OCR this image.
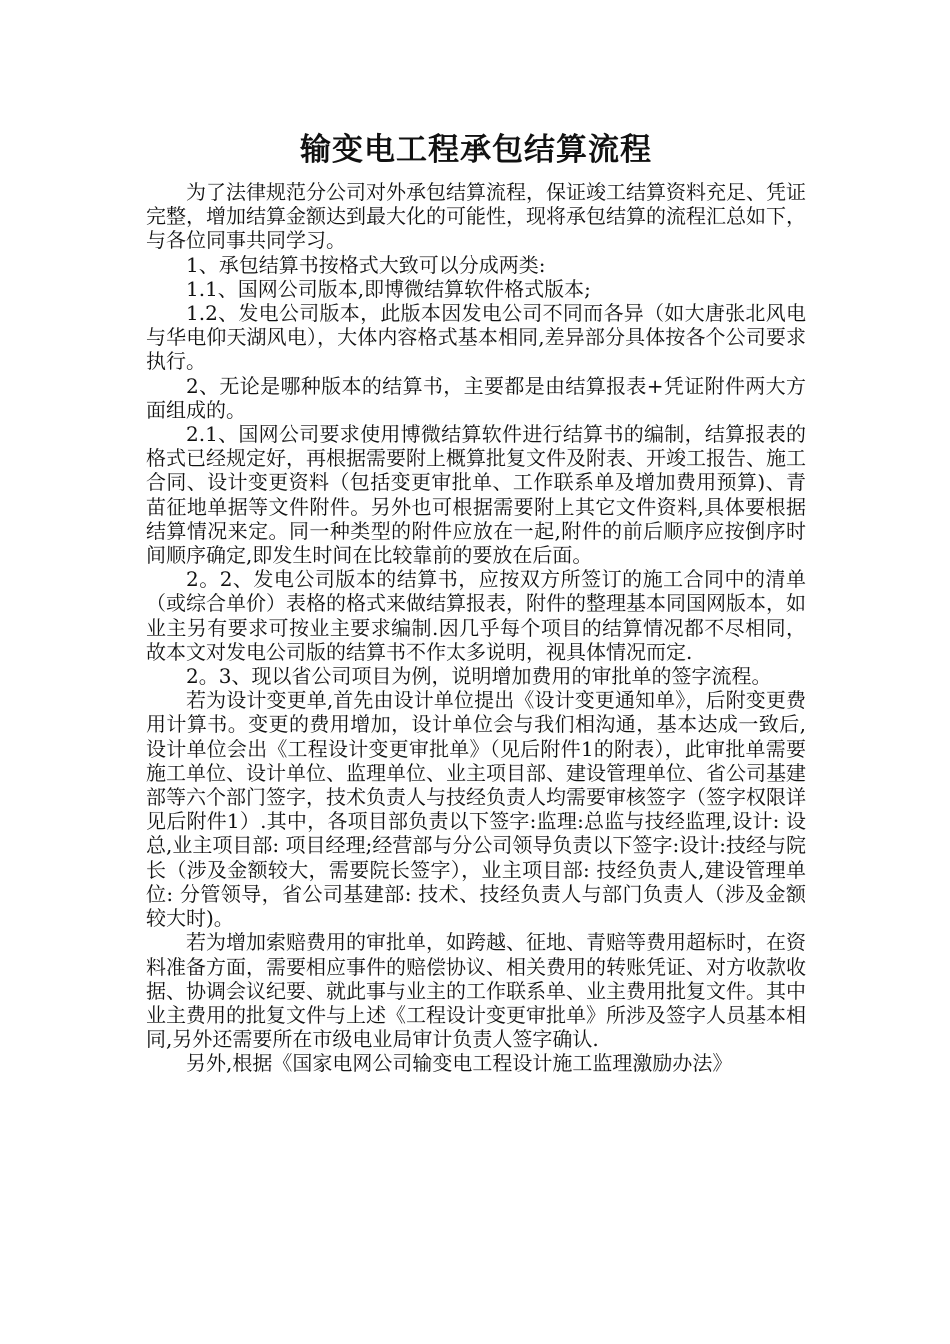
输变电工程承包结算流程

为了法律规范分公司对外承包结算流程，保证竣工结算资料充足、凭证完整，增加结算金额达到最大化的可能性，现将承包结算的流程汇总如下，与各位同事共同学习。

1、承包结算书按格式大致可以分成两类:

1.1、国网公司版本,即博微结算软件格式版本;

1.2、发电公司版本，此版本因发电公司不同而各异（如大唐张北风电与华电仰天湖风电），大体内容格式基本相同,差异部分具体按各个公司要求执行。

2、无论是哪种版本的结算书，主要都是由结算报表+凭证附件两大方面组成的。

2.1、国网公司要求使用博微结算软件进行结算书的编制，结算报表的格式已经规定好，再根据需要附上概算批复文件及附表、开竣工报告、施工合同、设计变更资料（包括变更审批单、工作联系单及增加费用预算)、青苗征地单据等文件附件。另外也可根据需要附上其它文件资料,具体要根据结算情况来定。同一种类型的附件应放在一起,附件的前后顺序应按倒序时间顺序确定,即发生时间在比较靠前的要放在后面。

2。2、发电公司版本的结算书，应按双方所签订的施工合同中的清单（或综合单价）表格的格式来做结算报表，附件的整理基本同国网版本，如业主另有要求可按业主要求编制.因几乎每个项目的结算情况都不尽相同，故本文对发电公司版的结算书不作太多说明，视具体情况而定.

2。3、现以省公司项目为例，说明增加费用的审批单的签字流程。

若为设计变更单,首先由设计单位提出《设计变更通知单》，后附变更费用计算书。变更的费用增加，设计单位会与我们相沟通，基本达成一致后,设计单位会出《工程设计变更审批单》（见后附件1的附表），此审批单需要施工单位、设计单位、监理单位、业主项目部、建设管理单位、省公司基建部等六个部门签字，技术负责人与技经负责人均需要审核签字（签字权限详见后附件1）.其中，各项目部负责以下签字:监理:总监与技经监理,设计: 设总,业主项目部: 项目经理;经营部与分公司领导负责以下签字:设计:技经与院长（涉及金额较大，需要院长签字），业主项目部: 技经负责人,建设管理单位: 分管领导，省公司基建部: 技术、技经负责人与部门负责人（涉及金额较大时)。

若为增加索赔费用的审批单，如跨越、征地、青赔等费用超标时，在资料准备方面，需要相应事件的赔偿协议、相关费用的转账凭证、对方收款收据、协调会议纪要、就此事与业主的工作联系单、业主费用批复文件。其中业主费用的批复文件与上述《工程设计变更审批单》所涉及签字人员基本相同,另外还需要所在市级电业局审计负责人签字确认.

另外,根据《国家电网公司输变电工程设计施工监理激励办法》
